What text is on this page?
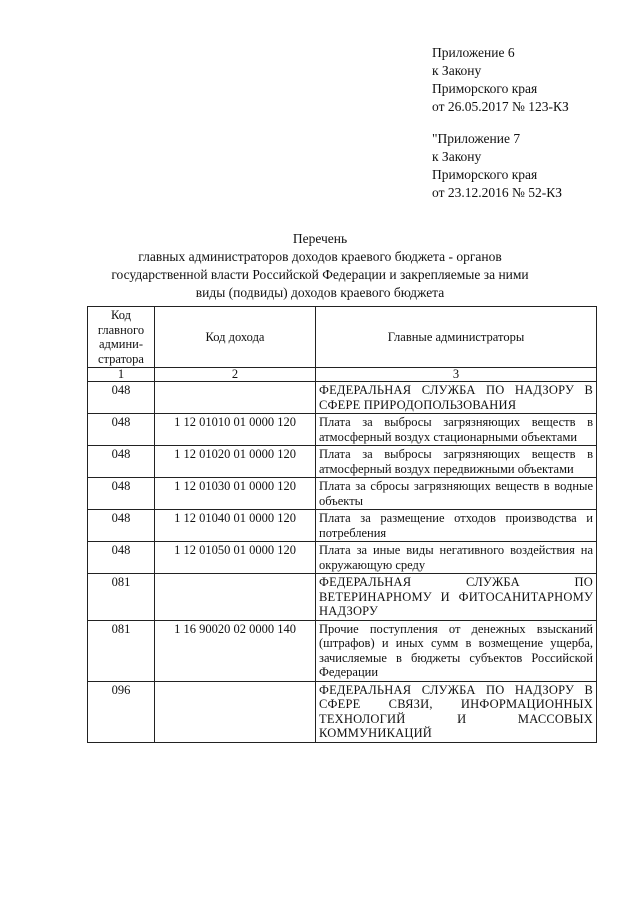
Приложение 6
к Закону
Приморского края
от 26.05.2017 № 123-КЗ
"Приложение 7
к Закону
Приморского края
от 23.12.2016 № 52-КЗ
Перечень
главных администраторов доходов краевого бюджета - органов
государственной власти Российской Федерации и закрепляемые за ними
виды (подвиды) доходов краевого бюджета
Код главного админи-стратора	Код дохода	Главные администраторы
1	2	3
048		ФЕДЕРАЛЬНАЯ СЛУЖБА ПО НАДЗОРУ В СФЕРЕ ПРИРОДОПОЛЬЗОВАНИЯ

048	1 12 01010 01 0000 120	Плата за выбросы загрязняющих веществ в атмосферный воздух стационарными объектами

048	1 12 01020 01 0000 120	Плата за выбросы загрязняющих веществ в атмосферный воздух передвижными объектами

048	1 12 01030 01 0000 120	Плата за сбросы загрязняющих веществ в водные объекты

048	1 12 01040 01 0000 120	Плата за размещение отходов производства и потребления

048	1 12 01050 01 0000 120	Плата за иные виды негативного воздействия на окружающую среду

081		ФЕДЕРАЛЬНАЯ СЛУЖБА ПО ВЕТЕРИНАРНОМУ И ФИТОСАНИТАРНОМУ НАДЗОРУ

081	1 16 90020 02 0000 140	Прочие поступления от денежных взысканий (штрафов) и иных сумм в возмещение ущерба, зачисляемые в бюджеты субъектов Российской Федерации

096		ФЕДЕРАЛЬНАЯ СЛУЖБА ПО НАДЗОРУ В СФЕРЕ СВЯЗИ, ИНФОРМАЦИОННЫХ ТЕХНОЛОГИЙ И МАССОВЫХ КОММУНИКАЦИЙ
